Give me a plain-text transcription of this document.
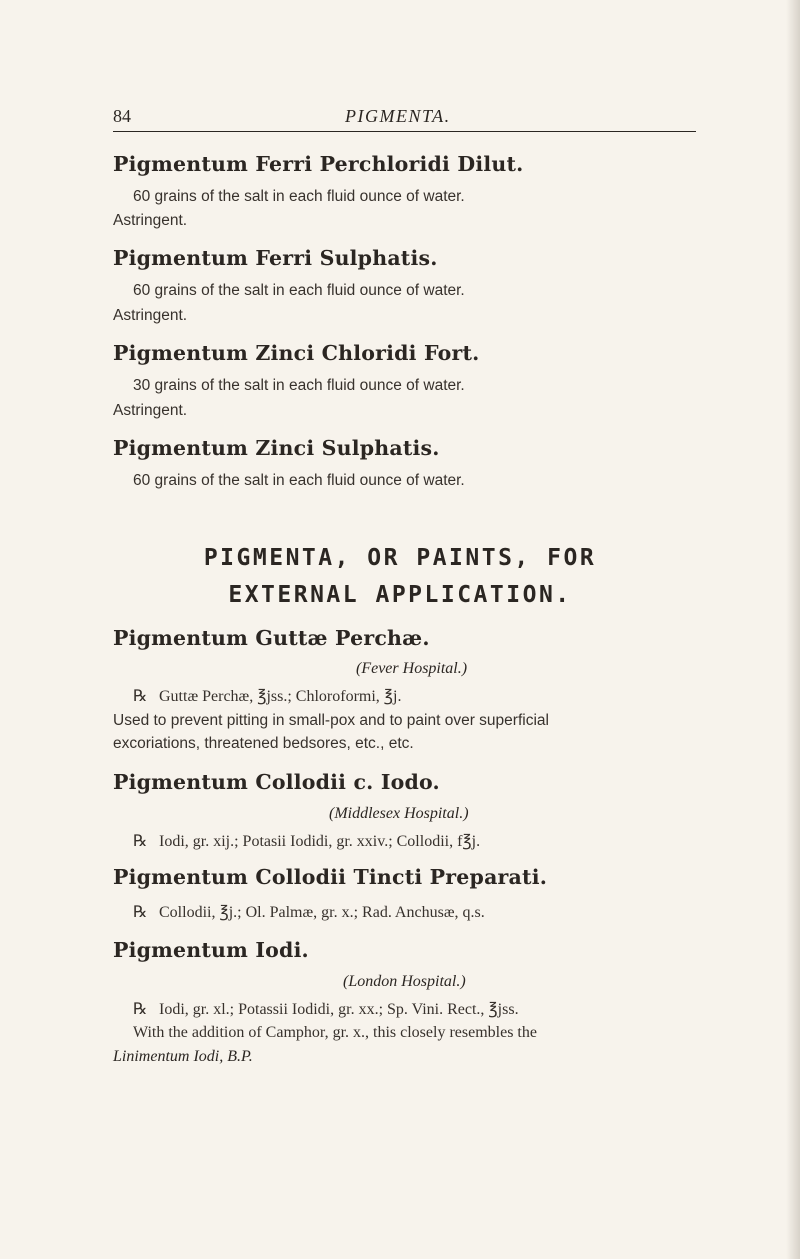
84	PIGMENTA.
Pigmentum Ferri Perchloridi Dilut.
60 grains of the salt in each fluid ounce of water.
Astringent.
Pigmentum Ferri Sulphatis.
60 grains of the salt in each fluid ounce of water.
Astringent.
Pigmentum Zinci Chloridi Fort.
30 grains of the salt in each fluid ounce of water.
Astringent.
Pigmentum Zinci Sulphatis.
60 grains of the salt in each fluid ounce of water.
PIGMENTA, OR PAINTS, FOR
EXTERNAL APPLICATION.
Pigmentum Guttæ Perchæ.
(Fever Hospital.)
℞ Guttæ Perchæ, ℥jss.; Chloroformi, ℥j.
Used to prevent pitting in small-pox and to paint over superficial
excoriations, threatened bedsores, etc., etc.
Pigmentum Collodii c. Iodo.
(Middlesex Hospital.)
℞ Iodi, gr. xij.; Potasii Iodidi, gr. xxiv.; Collodii, f℥j.
Pigmentum Collodii Tincti Preparati.
℞ Collodii, ℥j.; Ol. Palmæ, gr. x.; Rad. Anchusæ, q.s.
Pigmentum Iodi.
(London Hospital.)
℞ Iodi, gr. xl.; Potassii Iodidi, gr. xx.; Sp. Vini. Rect., ℥jss.
With the addition of Camphor, gr. x., this closely resembles the
Linimentum Iodi, B.P.
